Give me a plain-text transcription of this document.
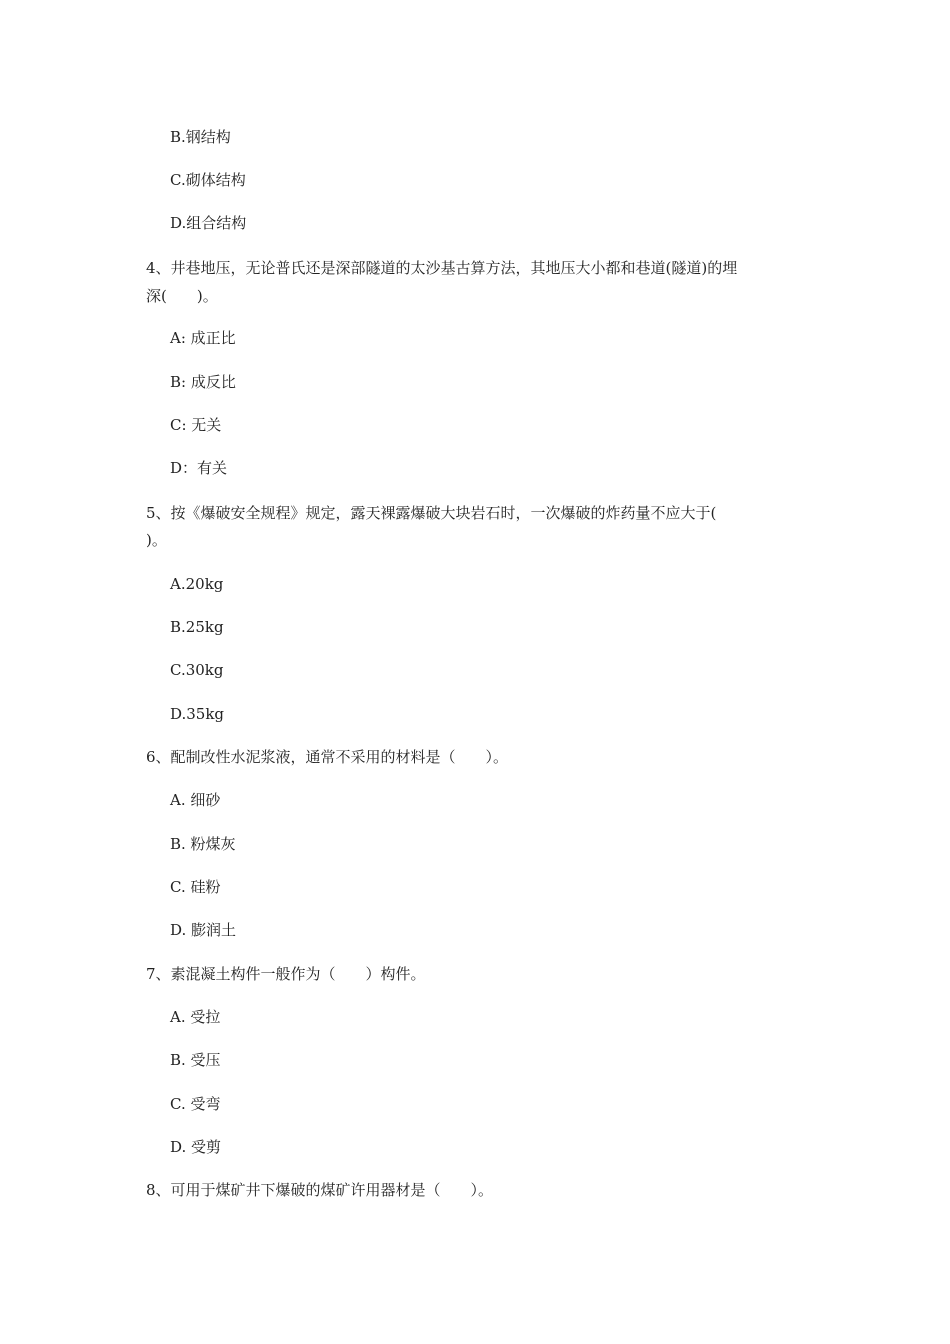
B.钢结构
C.砌体结构
D.组合结构
4、井巷地压，无论普氏还是深部隧道的太沙基古算方法，其地压大小都和巷道(隧道)的埋
深(　　)。
A: 成正比
B: 成反比
C: 无关
D：有关
5、按《爆破安全规程》规定，露天裸露爆破大块岩石时，一次爆破的炸药量不应大于(
)。
A.20kg
B.25kg
C.30kg
D.35kg
6、配制改性水泥浆液，通常不采用的材料是（　　）。
A. 细砂
B. 粉煤灰
C. 硅粉
D. 膨润土
7、素混凝土构件一般作为（　　）构件。
A. 受拉
B. 受压
C. 受弯
D. 受剪
8、可用于煤矿井下爆破的煤矿许用器材是（　　）。
